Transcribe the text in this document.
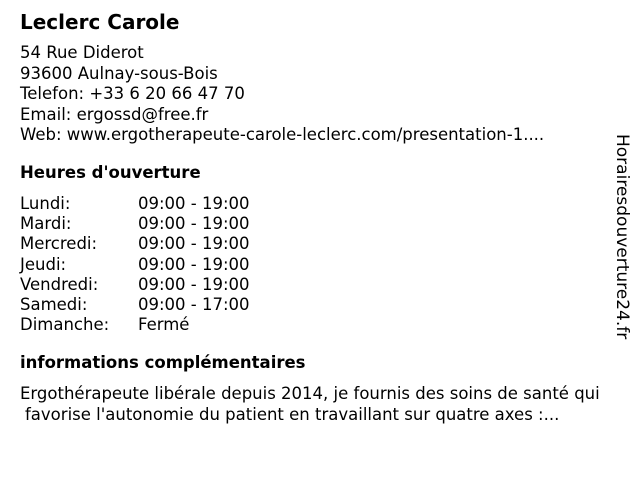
Leclerc Carole
54 Rue Diderot
93600 Aulnay-sous-Bois
Telefon: +33 6 20 66 47 70
Email: ergossd@free.fr
Web: www.ergotherapeute-carole-leclerc.com/presentation-1....
Heures d'ouverture
Lundi:	09:00 - 19:00
Mardi:	09:00 - 19:00
Mercredi:	09:00 - 19:00
Jeudi:	09:00 - 19:00
Vendredi:	09:00 - 19:00
Samedi:	09:00 - 17:00
Dimanche:	Fermé
informations complémentaires
Ergothérapeute libérale depuis 2014, je fournis des soins de santé qui
favorise l'autonomie du patient en travaillant sur quatre axes :...
Horairesdouverture24.fr
